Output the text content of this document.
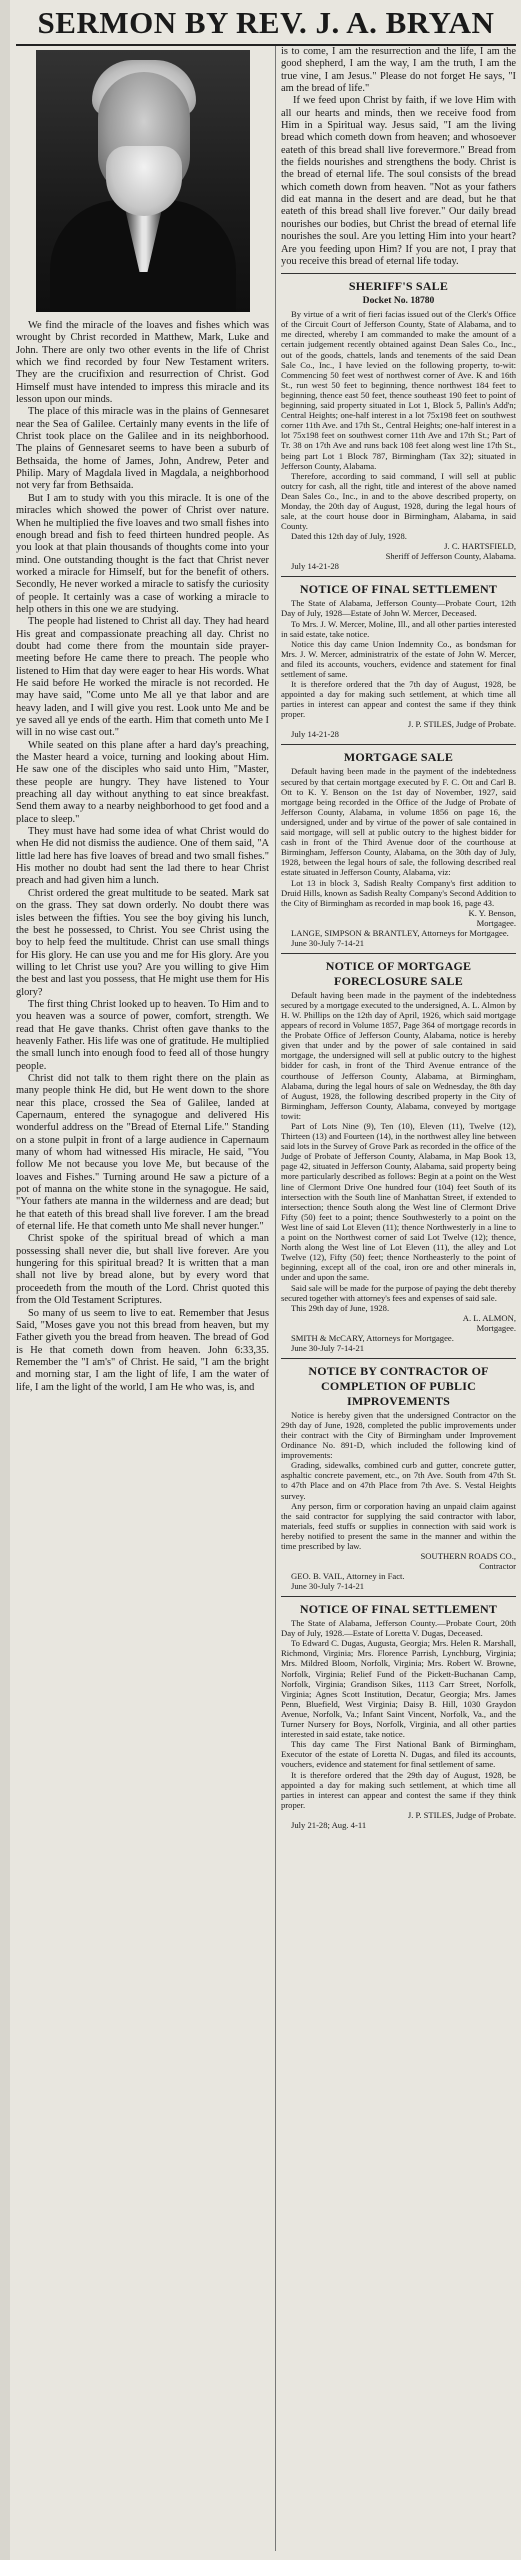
SERMON BY REV. J. A. BRYAN

We find the miracle of the loaves and fishes which was wrought by Christ recorded in Matthew, Mark, Luke and John. There are only two other events in the life of Christ which we find recorded by four New Testament writers. They are the crucifixion and resurrection of Christ. God Himself must have intended to impress this miracle and its lesson upon our minds.

The place of this miracle was in the plains of Gennesaret near the Sea of Galilee. Certainly many events in the life of Christ took place on the Galilee and in its neighborhood. The plains of Gennesaret seems to have been a suburb of Bethsaida, the home of James, John, Andrew, Peter and Philip. Mary of Magdala lived in Magdala, a neighborhood not very far from Bethsaida.

But I am to study with you this miracle. It is one of the miracles which showed the power of Christ over nature. When he multiplied the five loaves and two small fishes into enough bread and fish to feed thirteen hundred people. As you look at that plain thousands of thoughts come into your mind. One outstanding thought is the fact that Christ never worked a miracle for Himself, but for the benefit of others. Secondly, He never worked a miracle to satisfy the curiosity of people. It certainly was a case of working a miracle to help others in this one we are studying.

The people had listened to Christ all day. They had heard His great and compassionate preaching all day. Christ no doubt had come there from the mountain side prayer-meeting before He came there to preach. The people who listened to Him that day were eager to hear His words. What He said before He worked the miracle is not recorded. He may have said, "Come unto Me all ye that labor and are heavy laden, and I will give you rest. Look unto Me and be ye saved all ye ends of the earth. Him that cometh unto Me I will in no wise cast out."

While seated on this plane after a hard day's preaching, the Master heard a voice, turning and looking about Him. He saw one of the disciples who said unto Him, "Master, these people are hungry. They have listened to Your preaching all day without anything to eat since breakfast. Send them away to a nearby neighborhood to get food and a place to sleep."

They must have had some idea of what Christ would do when He did not dismiss the audience. One of them said, "A little lad here has five loaves of bread and two small fishes." His mother no doubt had sent the lad there to hear Christ preach and had given him a lunch.

Christ ordered the great multitude to be seated. Mark sat on the grass. They sat down orderly. No doubt there was isles between the fifties. You see the boy giving his lunch, the best he possessed, to Christ. You see Christ using the boy to help feed the multitude. Christ can use small things for His glory. He can use you and me for His glory. Are you willing to let Christ use you? Are you willing to give Him the best and last you possess, that He might use them for His glory?

The first thing Christ looked up to heaven. To Him and to you heaven was a source of power, comfort, strength. We read that He gave thanks. Christ often gave thanks to the heavenly Father. His life was one of gratitude. He multiplied the small lunch into enough food to feed all of those hungry people.

Christ did not talk to them right there on the plain as many people think He did, but He went down to the shore near this place, crossed the Sea of Galilee, landed at Capernaum, entered the synagogue and delivered His wonderful address on the "Bread of Eternal Life." Standing on a stone pulpit in front of a large audience in Capernaum many of whom had witnessed His miracle, He said, "You follow Me not because you love Me, but because of the loaves and Fishes." Turning around He saw a picture of a pot of manna on the white stone in the synagogue. He said, "Your fathers ate manna in the wilderness and are dead; but he that eateth of this bread shall live forever. I am the bread of eternal life. He that cometh unto Me shall never hunger."

Christ spoke of the spiritual bread of which a man possessing shall never die, but shall live forever. Are you hungering for this spiritual bread? It is written that a man shall not live by bread alone, but by every word that proceedeth from the mouth of the Lord. Christ quoted this from the Old Testament Scriptures.

So many of us seem to live to eat. Remember that Jesus Said, "Moses gave you not this bread from heaven, but my Father giveth you the bread from heaven. The bread of God is He that cometh down from heaven. John 6:33,35. Remember the "I am's" of Christ. He said, "I am the bright and morning star, I am the light of life, I am the water of life, I am the light of the world, I am He who was, is, and

is to come, I am the resurrection and the life, I am the good shepherd, I am the way, I am the truth, I am the true vine, I am Jesus." Please do not forget He says, "I am the bread of life."

If we feed upon Christ by faith, if we love Him with all our hearts and minds, then we receive food from Him in a Spiritual way. Jesus said, "I am the living bread which cometh down from heaven; and whosoever eateth of this bread shall live forevermore." Bread from the fields nourishes and strengthens the body. Christ is the bread of eternal life. The soul consists of the bread which cometh down from heaven. "Not as your fathers did eat manna in the desert and are dead, but he that eateth of this bread shall live forever." Our daily bread nourishes our bodies, but Christ the bread of eternal life nourishes the soul. Are you letting Him into your heart? Are you feeding upon Him? If you are not, I pray that you receive this bread of eternal life today.

SHERIFF'S SALE
Docket No. 18780

By virtue of a writ of fieri facias issued out of the Clerk's Office of the Circuit Court of Jefferson County, State of Alabama, and to me directed, whereby I am commanded to make the amount of a certain judgement recently obtained against Dean Sales Co., Inc., out of the goods, chattels, lands and tenements of the said Dean Sale Co., Inc., I have levied on the following property, to-wit: Commencing 50 feet west of northwest corner of Ave. K and 16th St., run west 50 feet to beginning, thence northwest 184 feet to beginning, thence east 50 feet, thence southeast 190 feet to point of beginning, said property situated in Lot 1, Block 5, Pallin's Add'n; Central Heights; one-half interest in a lot 75x198 feet on southwest corner 11th Ave. and 17th St., Central Heights; one-half interest in a lot 75x198 feet on southwest corner 11th Ave and 17th St.; Part of Tr. 38 on 17th Ave and runs back 108 feet along west line 17th St., being part Lot 1 Block 787, Birmingham (Tax 32); situated in Jefferson County, Alabama.

Therefore, according to said command, I will sell at public outcry for cash, all the right, title and interest of the above named Dean Sales Co., Inc., in and to the above described property, on Monday, the 20th day of August, 1928, during the legal hours of sale, at the court house door in Birmingham, Alabama, in said County.

Dated this 12th day of July, 1928.

J. C. HARTSFIELD,

Sheriff of Jefferson County, Alabama.

July 14-21-28

NOTICE OF FINAL SETTLEMENT

The State of Alabama, Jefferson County—Probate Court, 12th Day of July, 1928—Estate of John W. Mercer, Deceased.

To Mrs. J. W. Mercer, Moline, Ill., and all other parties interested in said estate, take notice.

Notice this day came Union Indemnity Co., as bondsman for Mrs. J. W. Mercer, administratrix of the estate of John W. Mercer, and filed its accounts, vouchers, evidence and statement for final settlement of same.

It is therefore ordered that the 7th day of August, 1928, be appointed a day for making such settlement, at which time all parties in interest can appear and contest the same if they think proper.

J. P. STILES, Judge of Probate.

July 14-21-28

MORTGAGE SALE

Default having been made in the payment of the indebtedness secured by that certain mortgage executed by F. C. Ott and Carl B. Ott to K. Y. Benson on the 1st day of November, 1927, said mortgage being recorded in the Office of the Judge of Probate of Jefferson County, Alabama, in volume 1856 on page 16, the undersigned, under and by virtue of the power of sale contained in said mortgage, will sell at public outcry to the highest bidder for cash in front of the Third Avenue door of the courthouse at Birmingham, Jefferson County, Alabama, on the 30th day of July, 1928, between the legal hours of sale, the following described real estate situated in Jefferson County, Alabama, viz:

Lot 13 in block 3, Sadish Realty Company's first addition to Druid Hills, known as Sadish Realty Company's Second Addition to the City of Birmingham as recorded in map book 16, page 43.

K. Y. Benson,

Mortgagee.

LANGE, SIMPSON & BRANTLEY, Attorneys for Mortgagee.

June 30-July 7-14-21

NOTICE OF MORTGAGE FORECLOSURE SALE

Default having been made in the payment of the indebtedness secured by a mortgage executed to the undersigned, A. L. Almon by H. W. Phillips on the 12th day of April, 1926, which said mortgage appears of record in Volume 1857, Page 364 of mortgage records in the Probate Office of Jefferson County, Alabama, notice is hereby given that under and by the power of sale contained in said mortgage, the undersigned will sell at public outcry to the highest bidder for cash, in front of the Third Avenue entrance of the courthouse of Jefferson County, Alabama, at Birmingham, Alabama, during the legal hours of sale on Wednesday, the 8th day of August, 1928, the following described property in the City of Birmingham, Jefferson County, Alabama, conveyed by mortgage towit:

Part of Lots Nine (9), Ten (10), Eleven (11), Twelve (12), Thirteen (13) and Fourteen (14), in the northwest alley line between said lots in the Survey of Grove Park as recorded in the office of the Judge of Probate of Jefferson County, Alabama, in Map Book 13, page 42, situated in Jefferson County, Alabama, said property being more particularly described as follows: Begin at a point on the West line of Clermont Drive One hundred four (104) feet South of its intersection with the South line of Manhattan Street, if extended to intersection; thence South along the West line of Clermont Drive Fifty (50) feet to a point; thence Southwesterly to a point on the West line of said Lot Eleven (11); thence Northwesterly in a line to a point on the Northwest corner of said Lot Twelve (12); thence, North along the West line of Lot Eleven (11), the alley and Lot Twelve (12), Fifty (50) feet; thence Northeasterly to the point of beginning, except all of the coal, iron ore and other minerals in, under and upon the same.

Said sale will be made for the purpose of paying the debt thereby secured together with attorney's fees and expenses of said sale.

This 29th day of June, 1928.

A. L. ALMON,

Mortgagee.

SMITH & McCARY, Attorneys for Mortgagee.

June 30-July 7-14-21

NOTICE BY CONTRACTOR OF COMPLETION OF PUBLIC IMPROVEMENTS

Notice is hereby given that the undersigned Contractor on the 29th day of June, 1928, completed the public improvements under their contract with the City of Birmingham under Improvement Ordinance No. 891-D, which included the following kind of improvements:

Grading, sidewalks, combined curb and gutter, concrete gutter, asphaltic concrete pavement, etc., on 7th Ave. South from 47th St. to 47th Place and on 47th Place from 7th Ave. S. Vestal Heights survey.

Any person, firm or corporation having an unpaid claim against the said contractor for supplying the said contractor with labor, materials, feed stuffs or supplies in connection with said work is hereby notified to present the same in the manner and within the time prescribed by law.

SOUTHERN ROADS CO.,

Contractor

GEO. B. VAIL, Attorney in Fact.

June 30-July 7-14-21

NOTICE OF FINAL SETTLEMENT

The State of Alabama, Jefferson County.—Probate Court, 20th Day of July, 1928.—Estate of Loretta V. Dugas, Deceased.

To Edward C. Dugas, Augusta, Georgia; Mrs. Helen R. Marshall, Richmond, Virginia; Mrs. Florence Parrish, Lynchburg, Virginia; Mrs. Mildred Bloom, Norfolk, Virginia; Mrs. Robert W. Browne, Norfolk, Virginia; Relief Fund of the Pickett-Buchanan Camp, Norfolk, Virginia; Grandison Sikes, 1113 Carr Street, Norfolk, Virginia; Agnes Scott Institution, Decatur, Georgia; Mrs. James Penn, Bluefield, West Virginia; Daisy B. Hill, 1030 Graydon Avenue, Norfolk, Va.; Infant Saint Vincent, Norfolk, Va., and the Turner Nursery for Boys, Norfolk, Virginia, and all other parties interested in said estate, take notice.

This day came The First National Bank of Birmingham, Executor of the estate of Loretta N. Dugas, and filed its accounts, vouchers, evidence and statement for final settlement of same.

It is therefore ordered that the 29th day of August, 1928, be appointed a day for making such settlement, at which time all parties in interest can appear and contest the same if they think proper.

J. P. STILES, Judge of Probate.

July 21-28; Aug. 4-11
